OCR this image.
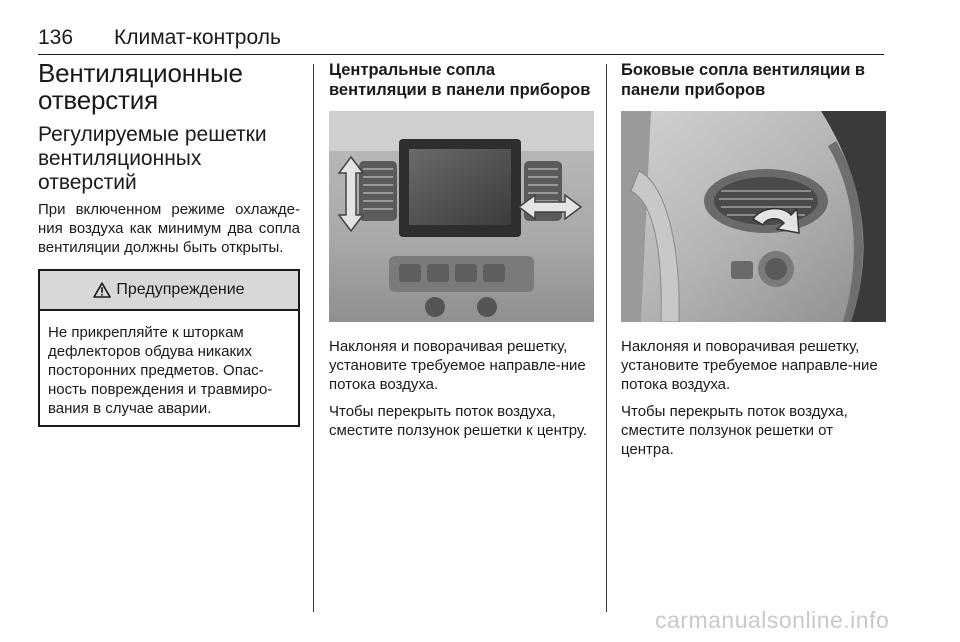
136 Климат-контроль
Вентиляционные отверстия
Регулируемые решетки вентиляционных отверстий

При включенном режиме охлажде-ния воздуха как минимум два сопла вентиляции должны быть открыты.

Предупреждение

Не прикрепляйте к шторкам дефлекторов обдува никаких посторонних предметов. Опас-ность повреждения и травмиро-вания в случае аварии.

Центральные сопла вентиляции в панели приборов

Наклоняя и поворачивая решетку, установите требуемое направле-ние потока воздуха.

Чтобы перекрыть поток воздуха, сместите ползунок решетки к центру.

Боковые сопла вентиляции в панели приборов

Наклоняя и поворачивая решетку, установите требуемое направле-ние потока воздуха.

Чтобы перекрыть поток воздуха, сместите ползунок решетки от центра.

carmanualsonline.info
